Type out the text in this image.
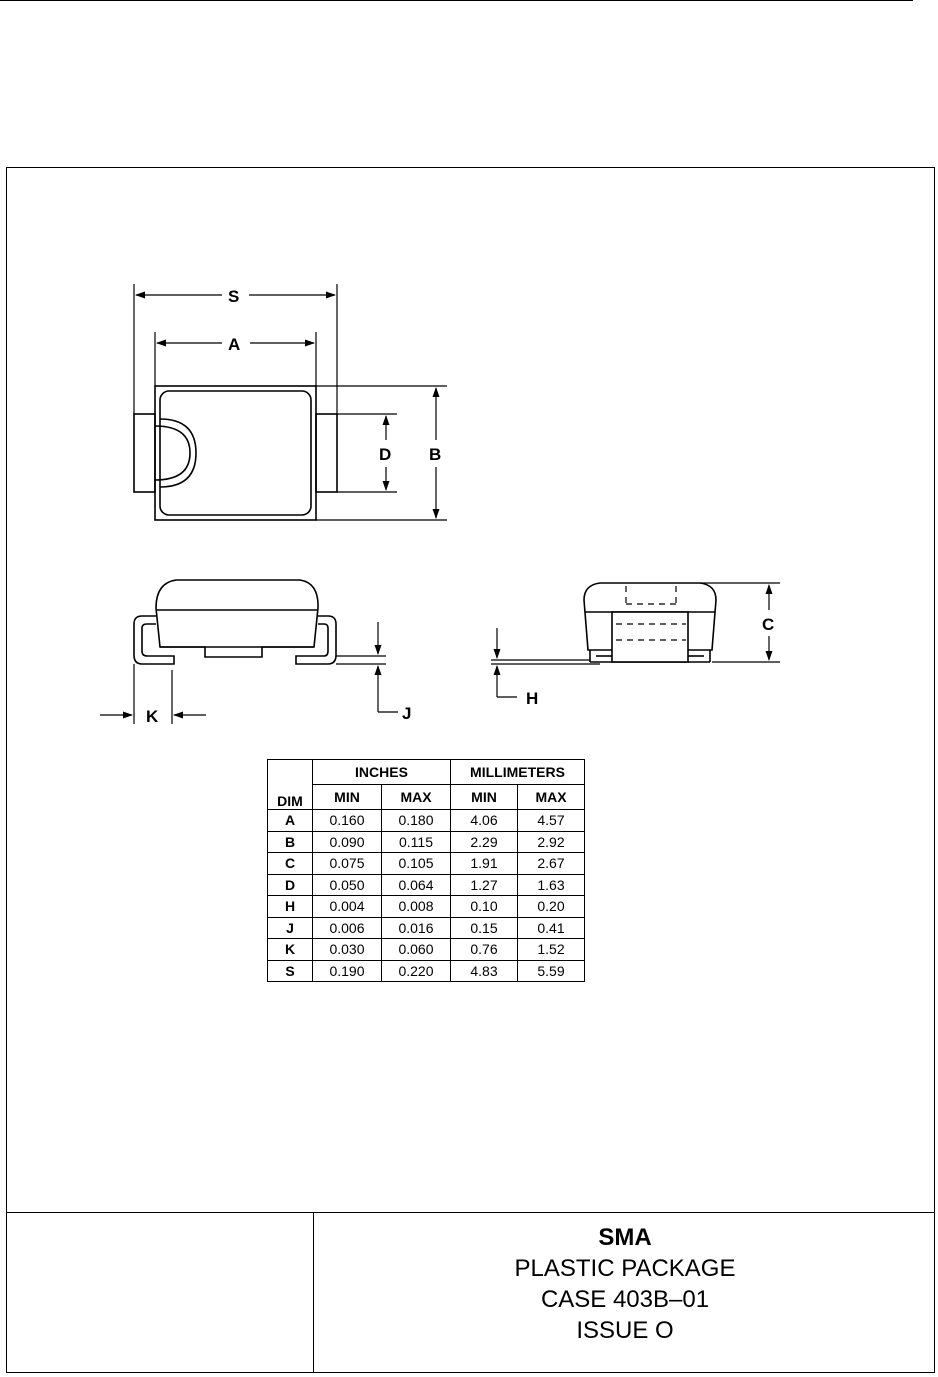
S
A
D B
J
K
C
H
DIM	INCHES		MILLIMETERS	
	MIN	MAX	MIN	MAX
A	0.160	0.180	4.06	4.57
B	0.090	0.115	2.29	2.92
C	0.075	0.105	1.91	2.67
D	0.050	0.064	1.27	1.63
H	0.004	0.008	0.10	0.20
J	0.006	0.016	0.15	0.41
K	0.030	0.060	0.76	1.52
S	0.190	0.220	4.83	5.59
SMA
PLASTIC PACKAGE
CASE 403B–01
ISSUE O
